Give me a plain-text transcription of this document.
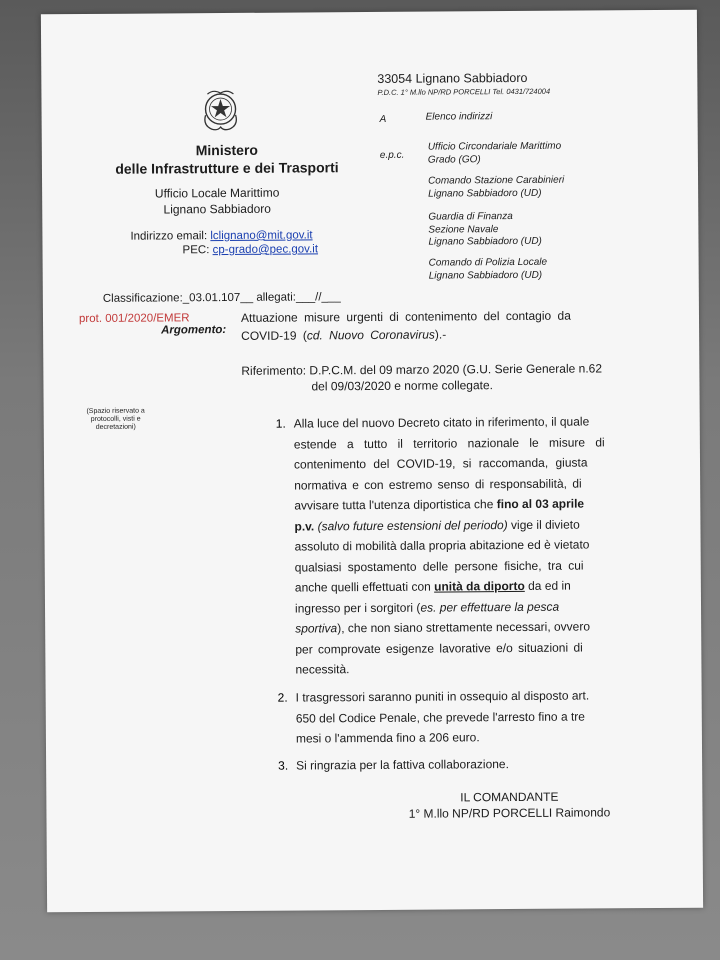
Ministero
delle Infrastrutture e dei Trasporti
Ufficio Locale Marittimo
Lignano Sabbiadoro
Indirizzo email: lclignano@mit.gov.it
PEC: cp-grado@pec.gov.it
33054 Lignano Sabbiadoro
P.D.C. 1° M.llo NP/RD PORCELLI Tel. 0431/724004
A	Elenco indirizzi
e.p.c.
Ufficio Circondariale Marittimo
Grado (GO)
Comando Stazione Carabinieri
Lignano Sabbiadoro (UD)
Guardia di Finanza
Sezione Navale
Lignano Sabbiadoro (UD)
Comando di Polizia Locale
Lignano Sabbiadoro (UD)
Classificazione:_03.01.107__ allegati:___//___
prot. 001/2020/EMER
Argomento:
Attuazione misure urgenti di contenimento del contagio da
COVID-19 (cd. Nuovo Coronavirus).-
Riferimento: D.P.C.M. del 09 marzo 2020 (G.U. Serie Generale n.62
del 09/03/2020 e norme collegate.
(Spazio riservato a
protocolli, visti e
decretazioni)	1. Alla luce del nuovo Decreto citato in riferimento, il quale
estende a tutto il territorio nazionale le misure di
contenimento del COVID-19, si raccomanda, giusta
normativa e con estremo senso di responsabilità, di
avvisare tutta l'utenza diportistica che fino al 03 aprile
p.v. (salvo future estensioni del periodo) vige il divieto
assoluto di mobilità dalla propria abitazione ed è vietato
qualsiasi spostamento delle persone fisiche, tra cui
anche quelli effettuati con unità da diporto da ed in
ingresso per i sorgitori (es. per effettuare la pesca
sportiva), che non siano strettamente necessari, ovvero
per comprovate esigenze lavorative e/o situazioni di
necessità.
2. I trasgressori saranno puniti in ossequio al disposto art.
650 del Codice Penale, che prevede l'arresto fino a tre
mesi o l'ammenda fino a 206 euro.
3. Si ringrazia per la fattiva collaborazione.
IL COMANDANTE
1° M.llo NP/RD PORCELLI Raimondo
